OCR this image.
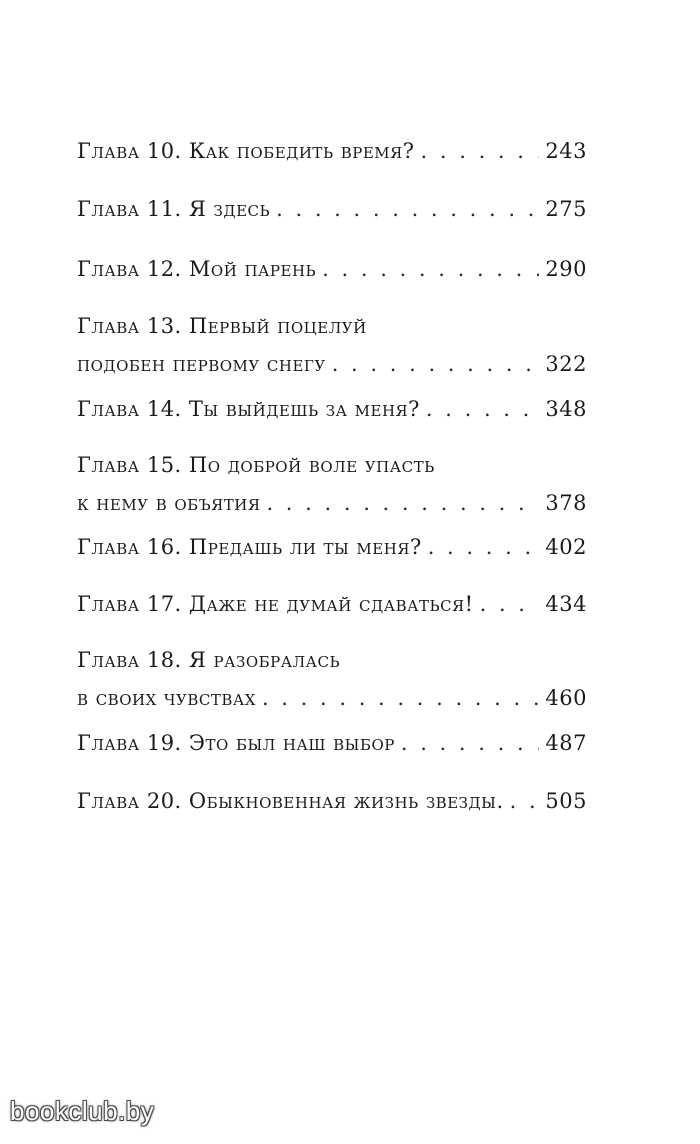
Глава 10. Как победить время? . . .	243
Глава 11. Я здесь . . .	275
Глава 12. Мой парень . . .	290
Глава 13. Первый поцелуй
подобен первому снегу . . .	322
Глава 14. Ты выйдешь за меня? . . .	348
Глава 15. По доброй воле упасть
к нему в объятия . . .	378
Глава 16. Предашь ли ты меня? . . .	402
Глава 17. Даже не думай сдаваться! . . .	434
Глава 18. Я разобралась
в своих чувствах . . .	460
Глава 19. Это был наш выбор . . .	487
Глава 20. Обыкновенная жизнь звезды. . . . 505
bookclub.by
